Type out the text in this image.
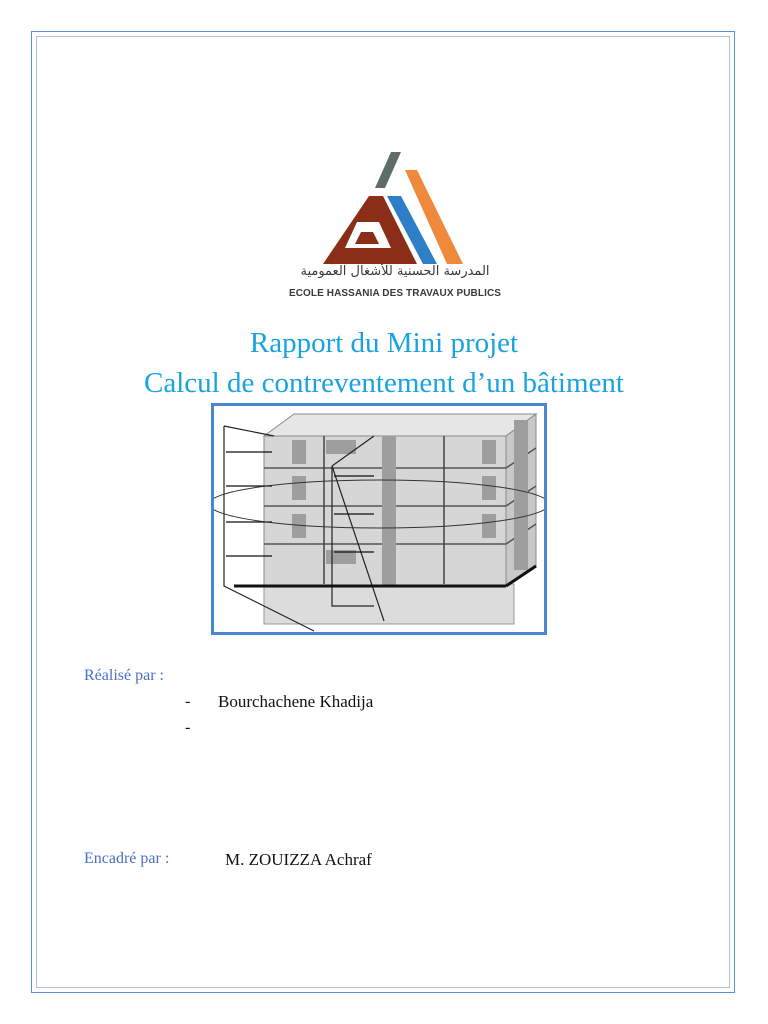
المدرسة الحسنية للأشغال العمومية
ECOLE HASSANIA DES TRAVAUX PUBLICS
Rapport du Mini projet
Calcul de contreventement d’un bâtiment
Réalisé par :
- Bourchachene Khadija
-
Encadré par :	M. ZOUIZZA Achraf
